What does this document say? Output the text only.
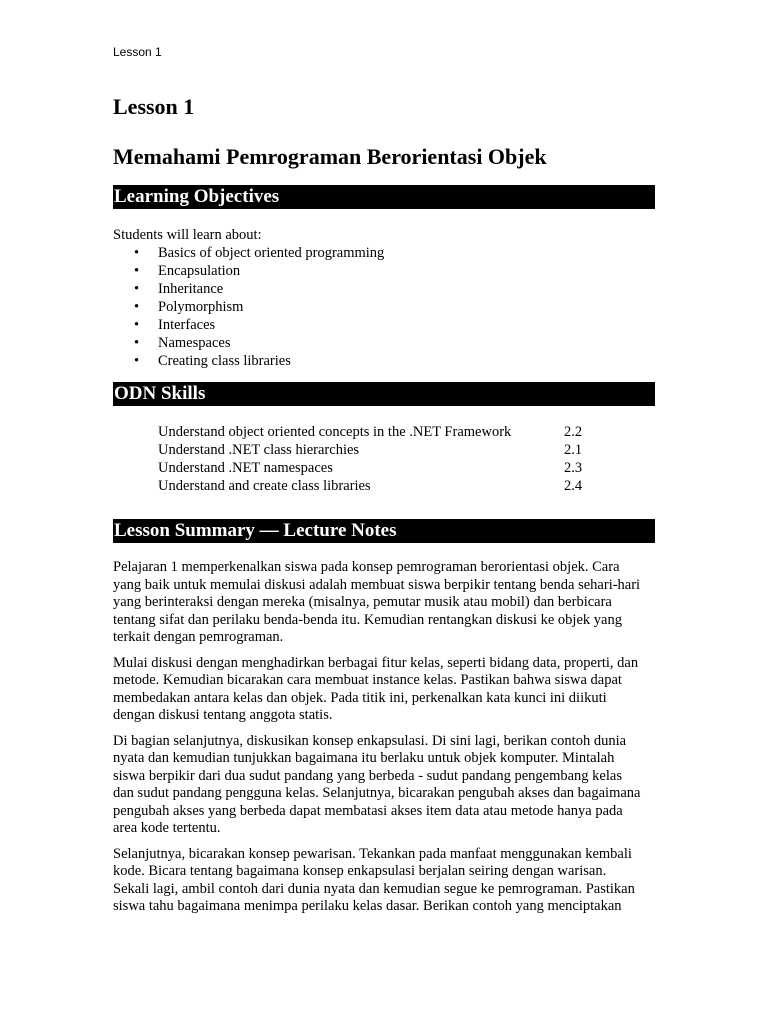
Lesson 1
Lesson 1
Memahami Pemrograman Berorientasi Objek
Learning Objectives
Students will learn about:
• Basics of object oriented programming
• Encapsulation
• Inheritance
• Polymorphism
• Interfaces
• Namespaces
• Creating class libraries
ODN Skills
Understand object oriented concepts in the .NET Framework	2.2
Understand .NET class hierarchies	2.1
Understand .NET namespaces	2.3
Understand and create class libraries	2.4
Lesson Summary — Lecture Notes

Pelajaran 1 memperkenalkan siswa pada konsep pemrograman berorientasi objek. Cara yang baik untuk memulai diskusi adalah membuat siswa berpikir tentang benda sehari-hari yang berinteraksi dengan mereka (misalnya, pemutar musik atau mobil) dan berbicara tentang sifat dan perilaku benda-benda itu. Kemudian rentangkan diskusi ke objek yang terkait dengan pemrograman.

Mulai diskusi dengan menghadirkan berbagai fitur kelas, seperti bidang data, properti, dan metode. Kemudian bicarakan cara membuat instance kelas. Pastikan bahwa siswa dapat membedakan antara kelas dan objek. Pada titik ini, perkenalkan kata kunci ini diikuti dengan diskusi tentang anggota statis.

Di bagian selanjutnya, diskusikan konsep enkapsulasi. Di sini lagi, berikan contoh dunia nyata dan kemudian tunjukkan bagaimana itu berlaku untuk objek komputer. Mintalah siswa berpikir dari dua sudut pandang yang berbeda - sudut pandang pengembang kelas dan sudut pandang pengguna kelas. Selanjutnya, bicarakan pengubah akses dan bagaimana pengubah akses yang berbeda dapat membatasi akses item data atau metode hanya pada area kode tertentu.

Selanjutnya, bicarakan konsep pewarisan. Tekankan pada manfaat menggunakan kembali kode. Bicara tentang bagaimana konsep enkapsulasi berjalan seiring dengan warisan. Sekali lagi, ambil contoh dari dunia nyata dan kemudian segue ke pemrograman. Pastikan siswa tahu bagaimana menimpa perilaku kelas dasar. Berikan contoh yang menciptakan
